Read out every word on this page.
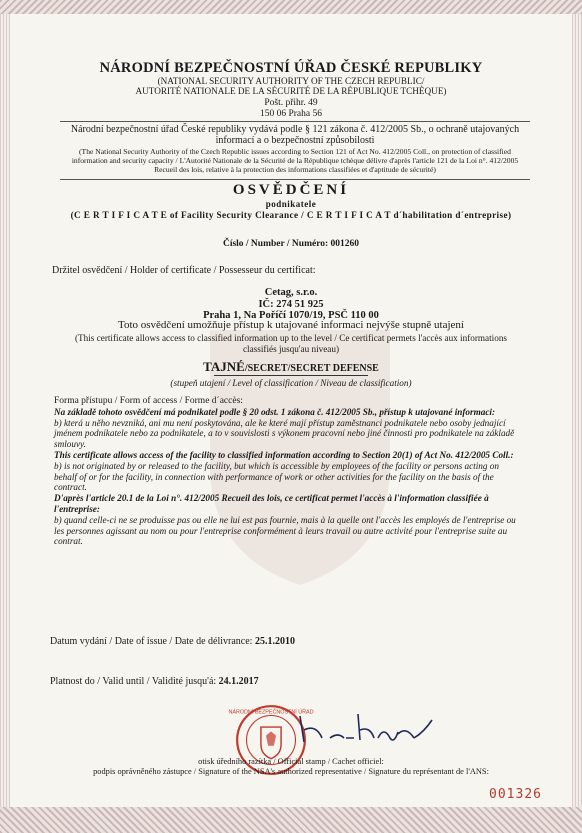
NÁRODNÍ BEZPEČNOSTNÍ ÚŘAD ČESKÉ REPUBLIKY
(NATIONAL SECURITY AUTHORITY OF THE CZECH REPUBLIC/
AUTORITÉ NATIONALE DE LA SÉCURITÉ DE LA RÉPUBLIQUE TCHÈQUE)
Pošt. přihr. 49
150 06 Praha 56
Národní bezpečnostní úřad České republiky vydává podle § 121 zákona č. 412/2005 Sb., o ochraně utajovaných informací a o bezpečnostní způsobilosti
(The National Security Authority of the Czech Republic issues according to Section 121 of Act No. 412/2005 Coll., on protection of classified information and security capacity / L'Autorité Nationale de la Sécurité de la République tchèque délivre d'après l'article 121 de la Loi n°. 412/2005 Recueil des lois, relative à la protection des informations classifiées et d'aptitude de sécurité)
OSVĚDČENÍ
podnikatele
(C E R T I F I C A T E of Facility Security Clearance / C E R T I F I C A T d´habilitation d´entreprise)
Číslo / Number / Numéro: 001260
Držitel osvědčení / Holder of certificate / Possesseur du certificat:
Cetag, s.r.o.
IČ: 274 51 925
Praha 1, Na Poříčí 1070/19, PSČ 110 00
Toto osvědčení umožňuje přístup k utajované informaci nejvýše stupně utajení
(This certificate allows access to classified information up to the level / Ce certificat permets l'accès aux informations classifiés jusqu'au niveau)
TAJNÉ/SECRET/SECRET DEFENSE
(stupeň utajení / Level of classification / Niveau de classification)
Forma přístupu / Form of access / Forme d´accès:
Na základě tohoto osvědčení má podnikatel podle § 20 odst. 1 zákona č. 412/2005 Sb., přístup k utajované informaci:
b) která u něho nevzniká, ani mu není poskytována, ale ke které mají přístup zaměstnanci podnikatele nebo osoby jednající jménem podnikatele nebo za podnikatele, a to v souvislosti s výkonem pracovní nebo jiné činnosti pro podnikatele na základě smlouvy.
This certificate allows access of the facility to classified information according to Section 20(1) of Act No. 412/2005 Coll.:
b) is not originated by or released to the facility, but which is accessible by employees of the facility or persons acting on behalf of or for the facility, in connection with performance of work or other activities for the facility on the basis of the contract.
D'après l'article 20.1 de la Loi n°. 412/2005 Recueil des lois, ce certificat permet l'accès à l'information classifiée à l'entreprise:
b) quand celle-ci ne se produisse pas ou elle ne lui est pas fournie, mais à la quelle ont l'accès les employés de l'entreprise ou les personnes agissant au nom ou pour l'entreprise conformément à leurs travail ou autre activité pour l'entreprise suite au contrat.
Datum vydání / Date of issue / Date de délivrance: 25.1.2010
Platnost do / Valid until / Validité jusqu'á: 24.1.2017
NÁRODNÍ BEZPEČNOSTNÍ ÚŘAD
otisk úředního razítka / Official stamp / Cachet officiel:
podpis oprávněného zástupce / Signature of the NSA's authorized representative / Signature du représentant de l'ANS:
001326
